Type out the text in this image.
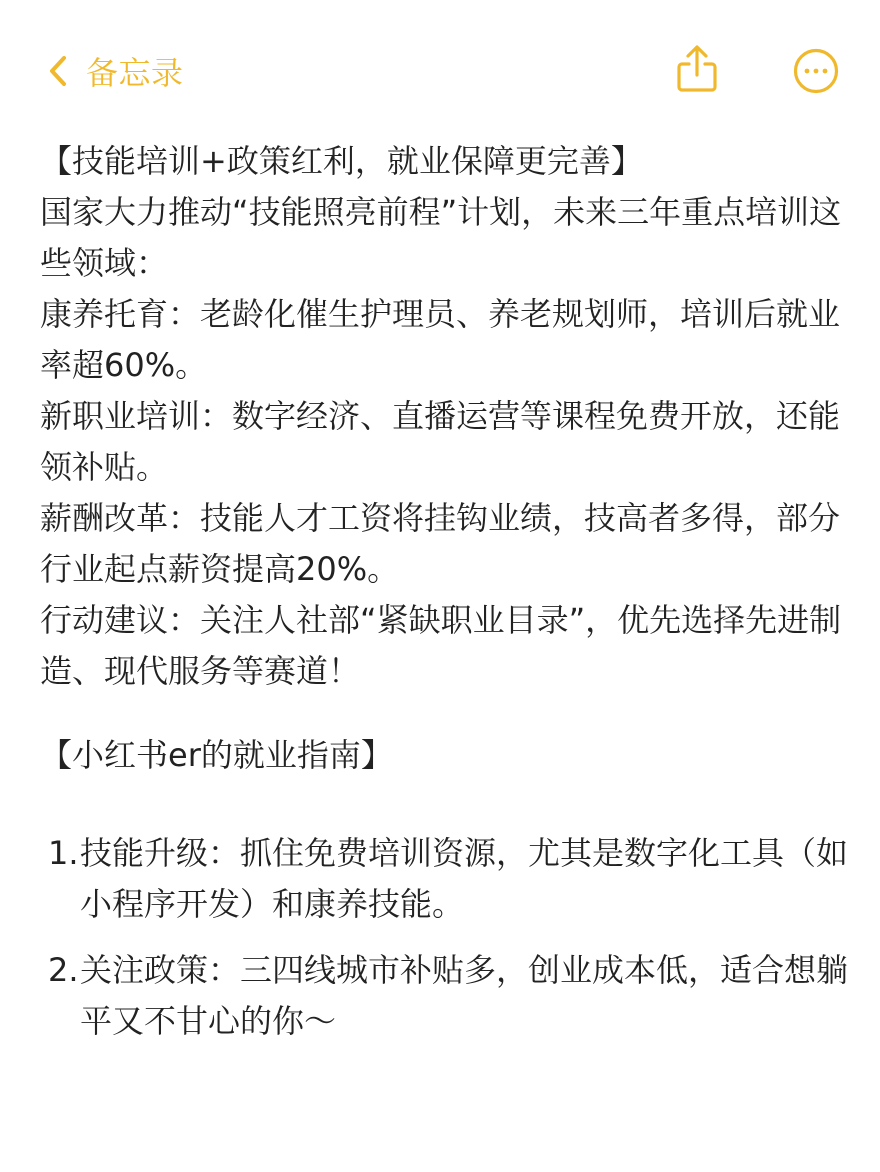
备忘录

【技能培训+政策红利，就业保障更完善】

国家大力推动“技能照亮前程”计划，未来三年重点培训这些领域：

康养托育：老龄化催生护理员、养老规划师，培训后就业率超60%。

新职业培训：数字经济、直播运营等课程免费开放，还能领补贴。

薪酬改革：技能人才工资将挂钩业绩，技高者多得，部分行业起点薪资提高20%。

行动建议：关注人社部“紧缺职业目录”，优先选择先进制造、现代服务等赛道！

【小红书er的就业指南】

1. 技能升级：抓住免费培训资源，尤其是数字化工具（如小程序开发）和康养技能。
2. 关注政策：三四线城市补贴多，创业成本低，适合想躺平又不甘心的你～
